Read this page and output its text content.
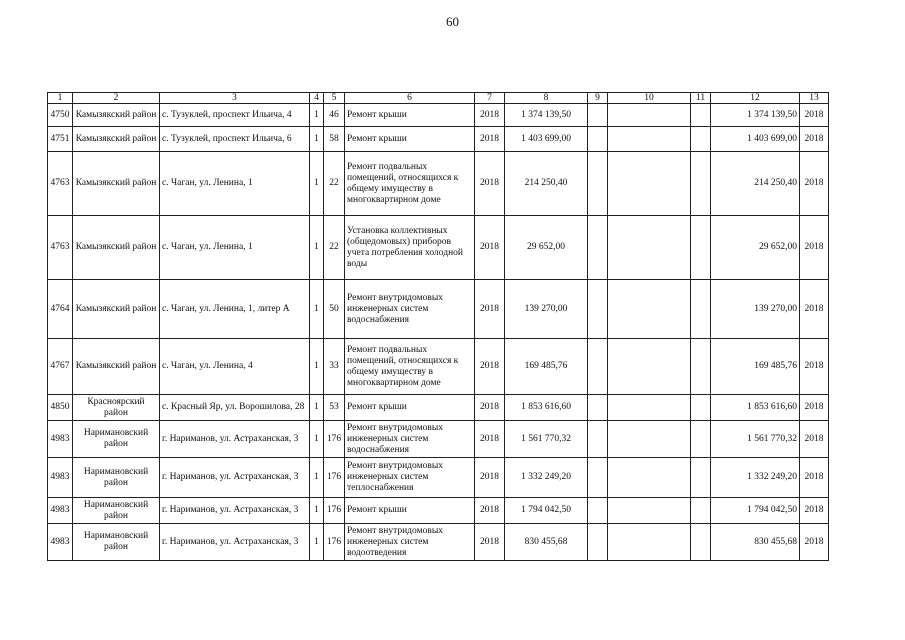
60
1	2	3	4	5	6	7	8	9	10	11	12	13
4750	Камызякский район	с. Тузуклей, проспект Ильича, 4	1	46	Ремонт крыши	2018	1 374 139,50				1 374 139,50	2018
4751	Камызякский район	с. Тузуклей, проспект Ильича, 6	1	58	Ремонт крыши	2018	1 403 699,00				1 403 699,00	2018
4763	Камызякский район	с. Чаган, ул. Ленина, 1	1	22	Ремонт подвальных помещений, относящихся к общему имуществу в многоквартирном доме	2018	214 250,40				214 250,40	2018
4763	Камызякский район	с. Чаган, ул. Ленина, 1	1	22	Установка коллективных (общедомовых) приборов учета потребления холодной воды	2018	29 652,00				29 652,00	2018
4764	Камызякский район	с. Чаган, ул. Ленина, 1, литер А	1	50	Ремонт внутридомовых инженерных систем водоснабжения	2018	139 270,00				139 270,00	2018
4767	Камызякский район	с. Чаган, ул. Ленина, 4	1	33	Ремонт подвальных помещений, относящихся к общему имуществу в многоквартирном доме	2018	169 485,76				169 485,76	2018
4850	Красноярский район	с. Красный Яр, ул. Ворошилова, 28	1	53	Ремонт крыши	2018	1 853 616,60				1 853 616,60	2018
4983	Наримановский район	г. Нариманов, ул. Астраханская, 3	1	176	Ремонт внутридомовых инженерных систем водоснабжения	2018	1 561 770,32				1 561 770,32	2018
4983	Наримановский район	г. Нариманов, ул. Астраханская, 3	1	176	Ремонт внутридомовых инженерных систем теплоснабжения	2018	1 332 249,20				1 332 249,20	2018
4983	Наримановский район	г. Нариманов, ул. Астраханская, 3	1	176	Ремонт крыши	2018	1 794 042,50				1 794 042,50	2018
4983	Наримановский район	г. Нариманов, ул. Астраханская, 3	1	176	Ремонт внутридомовых инженерных систем водоотведения	2018	830 455,68				830 455,68	2018
